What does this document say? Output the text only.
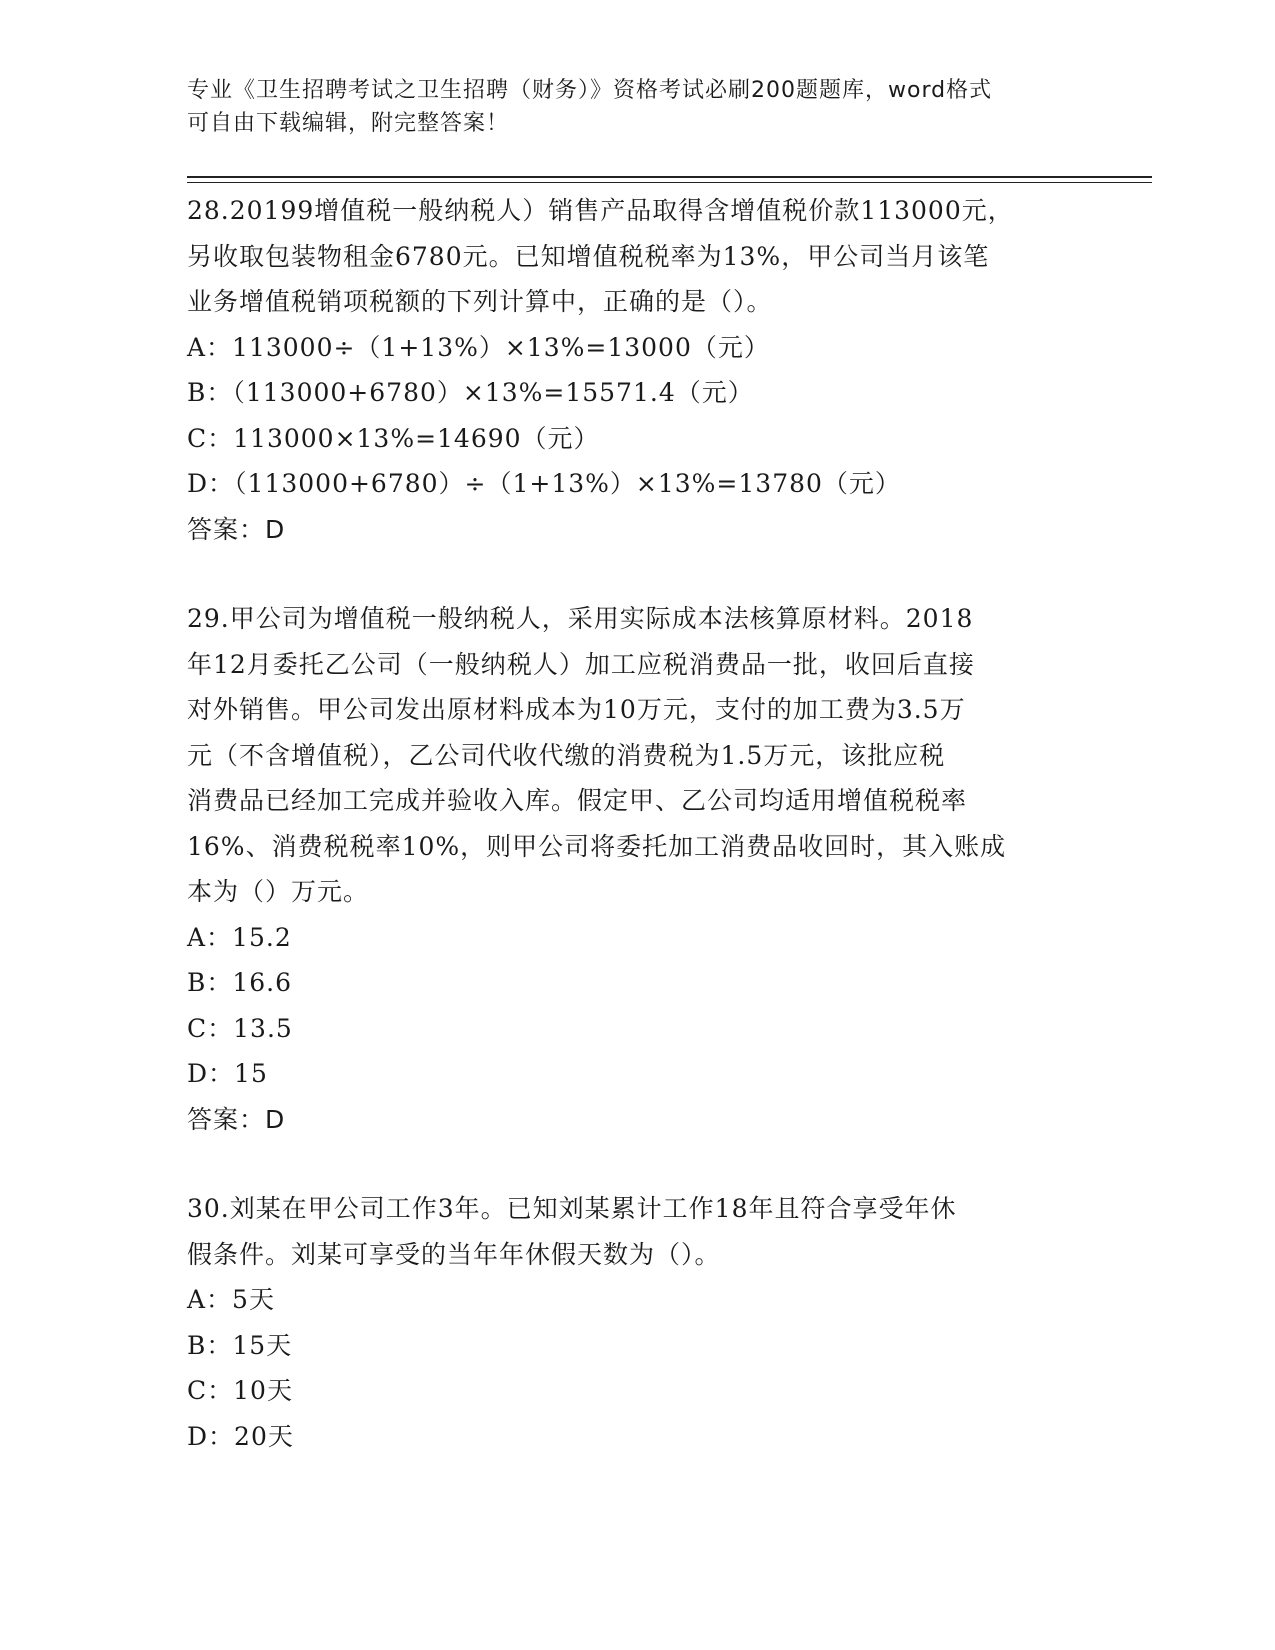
专业《卫生招聘考试之卫生招聘（财务）》资格考试必刷200题题库，word格式
可自由下载编辑，附完整答案！
28.20199增值税一般纳税人）销售产品取得含增值税价款113000元，
另收取包装物租金6780元。已知增值税税率为13%，甲公司当月该笔
业务增值税销项税额的下列计算中，正确的是（）。
A：113000÷（1+13%）×13%=13000（元）
B：（113000+6780）×13%=15571.4（元）
C：113000×13%=14690（元）
D：（113000+6780）÷（1+13%）×13%=13780（元）
答案：D
29.甲公司为增值税一般纳税人，采用实际成本法核算原材料。2018
年12月委托乙公司（一般纳税人）加工应税消费品一批，收回后直接
对外销售。甲公司发出原材料成本为10万元，支付的加工费为3.5万
元（不含增值税），乙公司代收代缴的消费税为1.5万元，该批应税
消费品已经加工完成并验收入库。假定甲、乙公司均适用增值税税率
16%、消费税税率10%，则甲公司将委托加工消费品收回时，其入账成
本为（）万元。
A：15.2
B：16.6
C：13.5
D：15
答案：D
30.刘某在甲公司工作3年。已知刘某累计工作18年且符合享受年休
假条件。刘某可享受的当年年休假天数为（）。
A：5天
B：15天
C：10天
D：20天
